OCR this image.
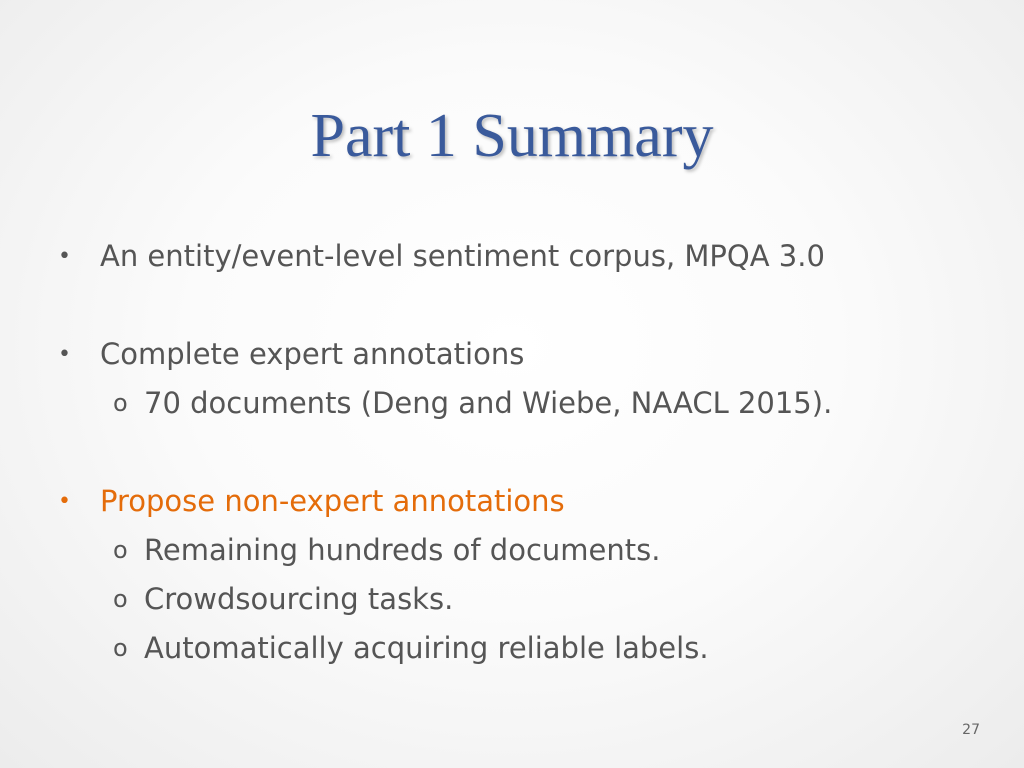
Part 1 Summary
• An entity/event-level sentiment corpus, MPQA 3.0
• Complete expert annotations
o 70 documents (Deng and Wiebe, NAACL 2015).
• Propose non-expert annotations
o Remaining hundreds of documents.
o Crowdsourcing tasks.
o Automatically acquiring reliable labels.
27
